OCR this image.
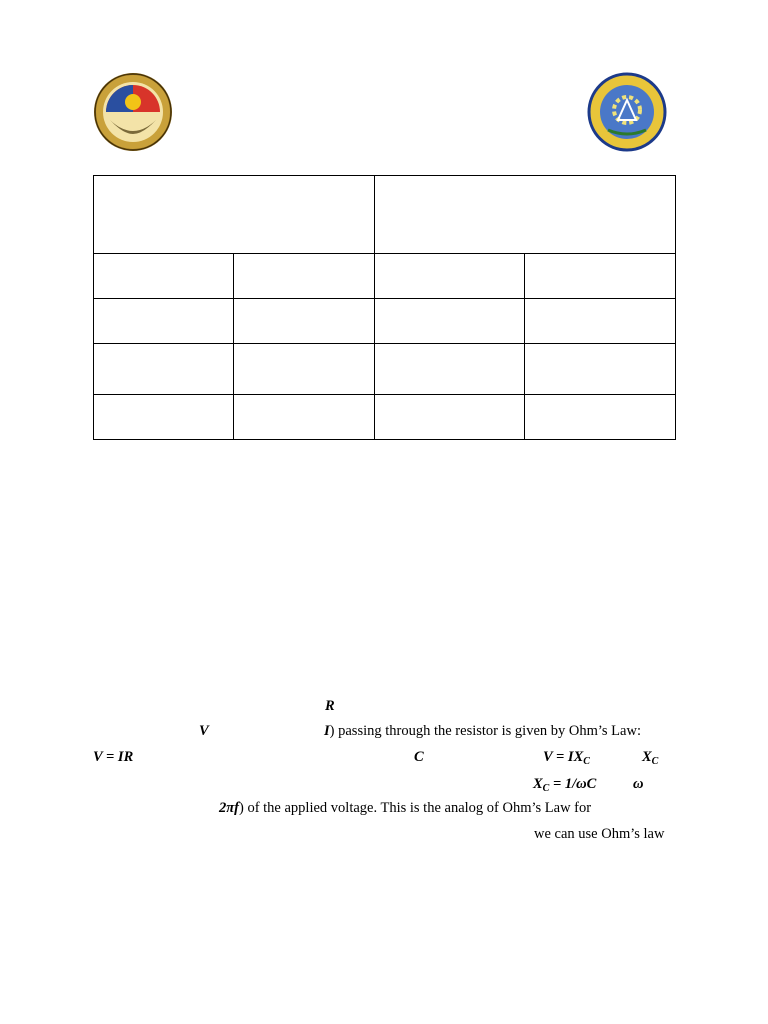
R
V	I) passing through the resistor is given by Ohm’s Law:
V = IR	C	$V = IX_C$	$X_C$
$X_C = 1/\omega C$	ω
2πf) of the applied voltage. This is the analog of Ohm’s Law for
we can use Ohm’s law
